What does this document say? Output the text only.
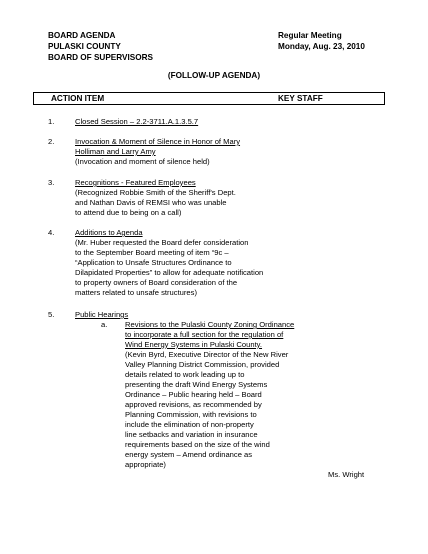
BOARD AGENDA
PULASKI COUNTY
BOARD OF SUPERVISORS
Regular Meeting
Monday, Aug. 23, 2010
(FOLLOW-UP AGENDA)
ACTION ITEM	KEY STAFF
1.	Closed Session – 2.2-3711.A.1.3.5.7
2.	Invocation & Moment of Silence in Honor of Mary
Holliman and Larry Amy
(Invocation and moment of silence held)
3.	Recognitions - Featured Employees
(Recognized Robbie Smith of the Sheriff's Dept.
and Nathan Davis of REMSI who was unable
to attend due to being on a call)
4.	Additions to Agenda
(Mr. Huber requested the Board defer consideration
to the September Board meeting of item “9c –
“Application to Unsafe Structures Ordinance to
Dilapidated Properties” to allow for adequate notification
to property owners of Board consideration of the
matters related to unsafe structures)
5.	Public Hearings
a. Revisions to the Pulaski County Zoning Ordinance
to incorporate a full section for the regulation of
Wind Energy Systems in Pulaski County.
(Kevin Byrd, Executive Director of the New River
Valley Planning District Commission, provided
details related to work leading up to
presenting the draft Wind Energy Systems
Ordinance – Public hearing held – Board
approved revisions, as recommended by
Planning Commission, with revisions to
include the elimination of non-property
line setbacks and variation in insurance
requirements based on the size of the wind
energy system – Amend ordinance as
appropriate)
Ms. Wright
